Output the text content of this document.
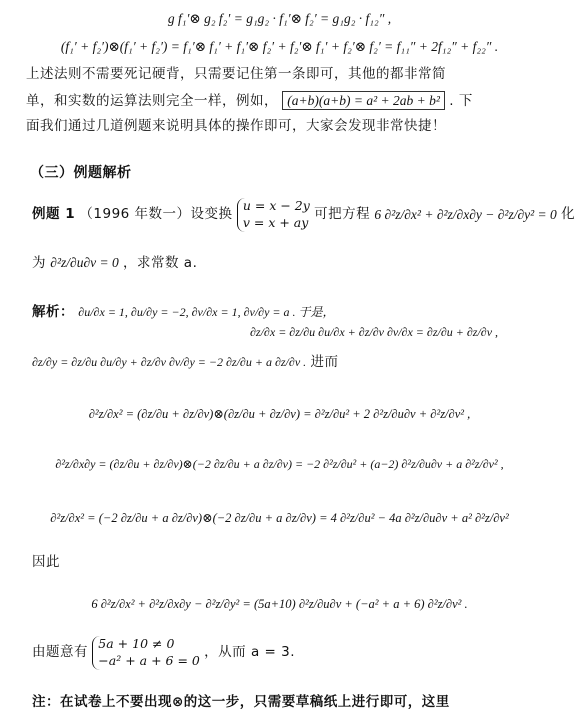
g f₁′⊗ g₂ f₂′ = g₁g₂ · f₁′⊗ f₂′ = g₁g₂ · f₁₂″ ,
(f₁′ + f₂′)⊗(f₁′ + f₂′) = f₁′⊗ f₁′ + f₁′⊗ f₂′ + f₂′⊗ f₁′ + f₂′⊗ f₂′ = f₁₁″ + 2f₁₂″ + f₂₂″ .
上述法则不需要死记硬背，只需要记住第一条即可，其他的都非常简
单，和实数的运算法则完全一样，例如， (a+b)(a+b) = a² + 2ab + b² . 下
面我们通过几道例题来说明具体的操作即可，大家会发现非常快捷！
（三）例题解析
例题 1 （1996 年数一）设变换
u = x − 2y
v = x + ay
可把方程 6 ∂²z/∂x² + ∂²z/∂x∂y − ∂²z/∂y² = 0 化
为 ∂²z/∂u∂v = 0 ，求常数 a.
解析： ∂u/∂x = 1, ∂u/∂y = −2, ∂v/∂x = 1, ∂v/∂y = a . 于是，
∂z/∂x = ∂z/∂u ∂u/∂x + ∂z/∂v ∂v/∂x = ∂z/∂u + ∂z/∂v ,
∂z/∂y = ∂z/∂u ∂u/∂y + ∂z/∂v ∂v/∂y = −2 ∂z/∂u + a ∂z/∂v . 进而
∂²z/∂x² = (∂z/∂u + ∂z/∂v)⊗(∂z/∂u + ∂z/∂v) = ∂²z/∂u² + 2 ∂²z/∂u∂v + ∂²z/∂v² ,
∂²z/∂x∂y = (∂z/∂u + ∂z/∂v)⊗(−2 ∂z/∂u + a ∂z/∂v) = −2 ∂²z/∂u² + (a−2) ∂²z/∂u∂v + a ∂²z/∂v² ,
∂²z/∂x² = (−2 ∂z/∂u + a ∂z/∂v)⊗(−2 ∂z/∂u + a ∂z/∂v) = 4 ∂²z/∂u² − 4a ∂²z/∂u∂v + a² ∂²z/∂v²
因此
6 ∂²z/∂x² + ∂²z/∂x∂y − ∂²z/∂y² = (5a+10) ∂²z/∂u∂v + (−a² + a + 6) ∂²z/∂v² .
由题意有
5a + 10 ≠ 0
−a² + a + 6 = 0
，从而 a = 3.
注：在试卷上不要出现⊗的这一步，只需要草稿纸上进行即可，这里
